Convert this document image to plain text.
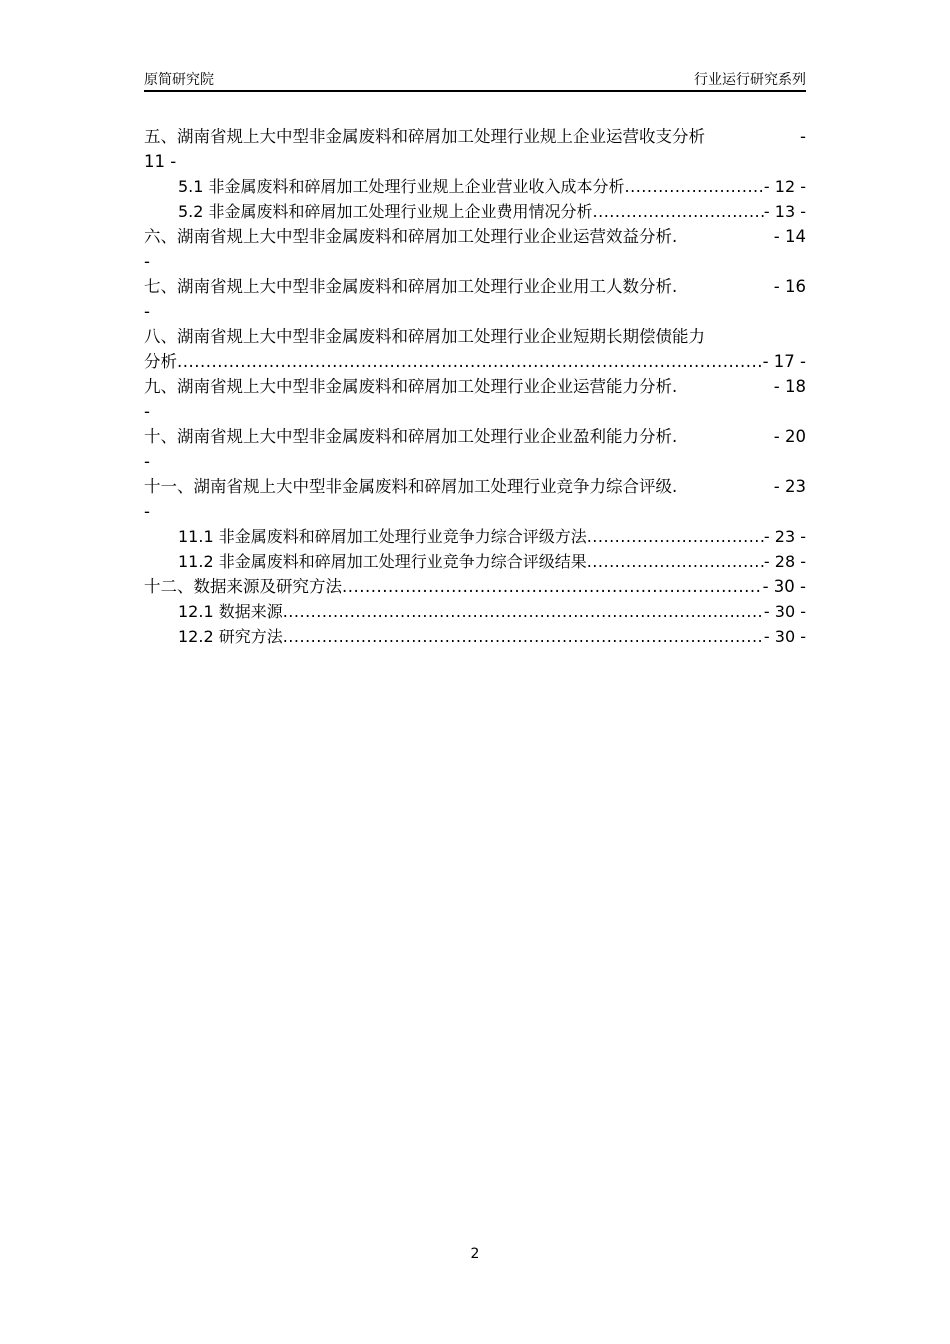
原简研究院	行业运行研究系列
五、湖南省规上大中型非金属废料和碎屑加工处理行业规上企业运营收支分析	-
11 -
5.1 非金属废料和碎屑加工处理行业规上企业营业收入成本分析 .....	- 12 -
5.2 非金属废料和碎屑加工处理行业规上企业费用情况分析 .....	- 13 -
六、湖南省规上大中型非金属废料和碎屑加工处理行业企业运营效益分析.	- 14
-
七、湖南省规上大中型非金属废料和碎屑加工处理行业企业用工人数分析.	- 16
-
八、湖南省规上大中型非金属废料和碎屑加工处理行业企业短期长期偿债能力
分析 .....	- 17 -
九、湖南省规上大中型非金属废料和碎屑加工处理行业企业运营能力分析.	- 18
-
十、湖南省规上大中型非金属废料和碎屑加工处理行业企业盈利能力分析.	- 20
-
十一、湖南省规上大中型非金属废料和碎屑加工处理行业竞争力综合评级.	- 23
-
11.1 非金属废料和碎屑加工处理行业竞争力综合评级方法 .....	- 23 -
11.2 非金属废料和碎屑加工处理行业竞争力综合评级结果 .....	- 28 -
十二、数据来源及研究方法 .....	- 30 -
12.1 数据来源 .....	- 30 -
12.2 研究方法 .....	- 30 -
2
